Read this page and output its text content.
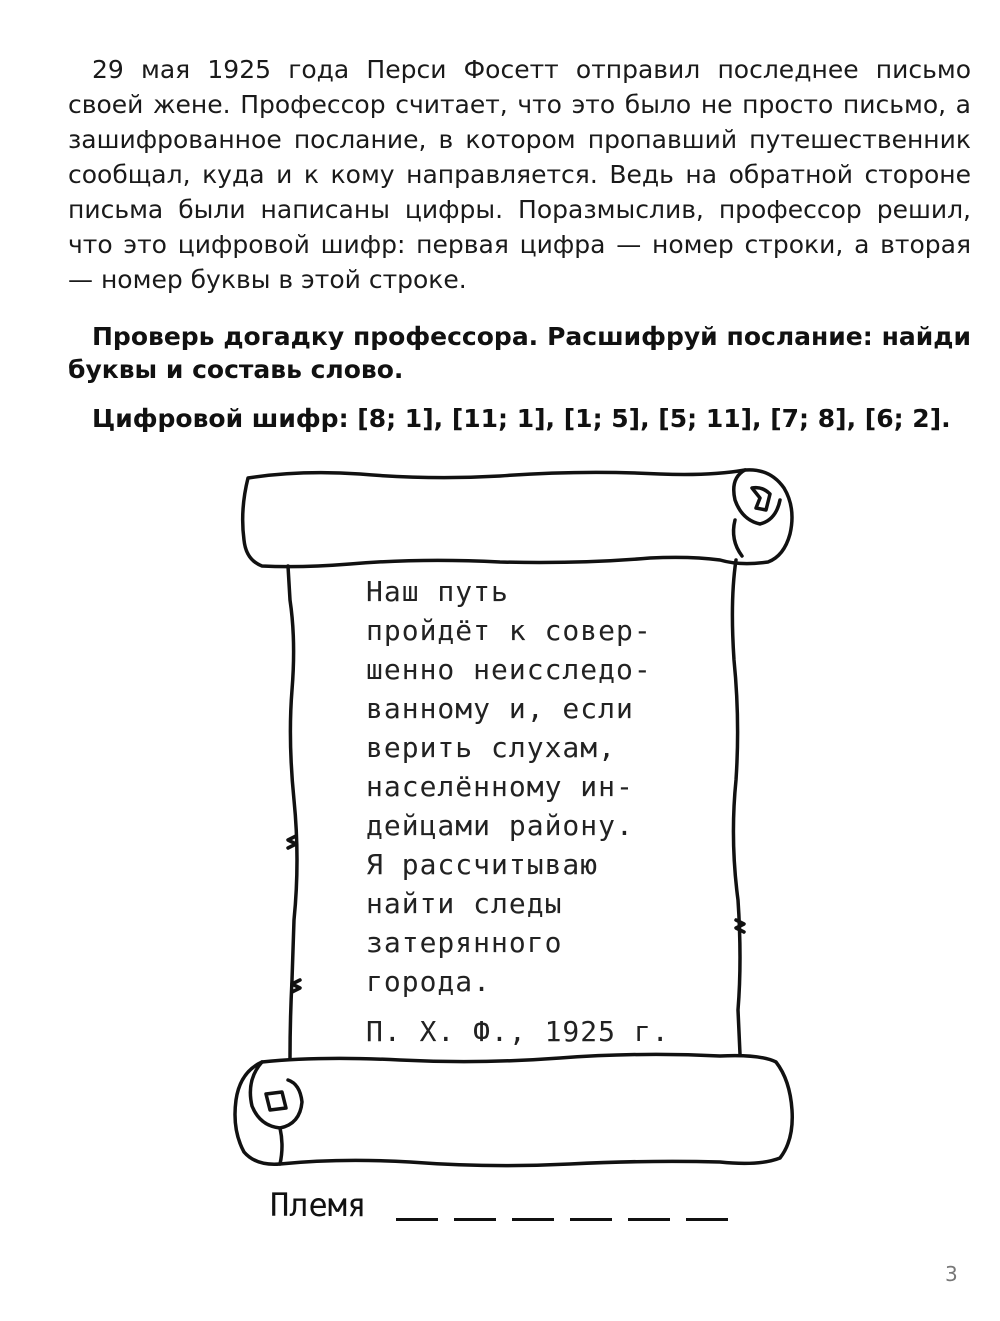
29 мая 1925 года Перси Фосетт отправил последнее письмо своей жене. Профессор считает, что это было не просто письмо, а зашифрованное послание, в котором пропавший путешественник сообщал, куда и к кому направляется. Ведь на обратной стороне письма были написаны цифры. Поразмыслив, профессор решил, что это цифровой шифр: первая цифра — номер строки, а вторая — номер буквы в этой строке.

Проверь догадку профессора. Расшифруй послание: найди буквы и составь слово.

Цифровой шифр: [8; 1], [11; 1], [1; 5], [5; 11], [7; 8], [6; 2].
Наш путь
пройдёт к совер-
шенно неисследо-
ванному и, если
верить слухам,
населённому ин-
дейцами району.
Я рассчитываю
найти следы
затерянного
города.
П. Х. Ф., 1925 г.
Племя
3
